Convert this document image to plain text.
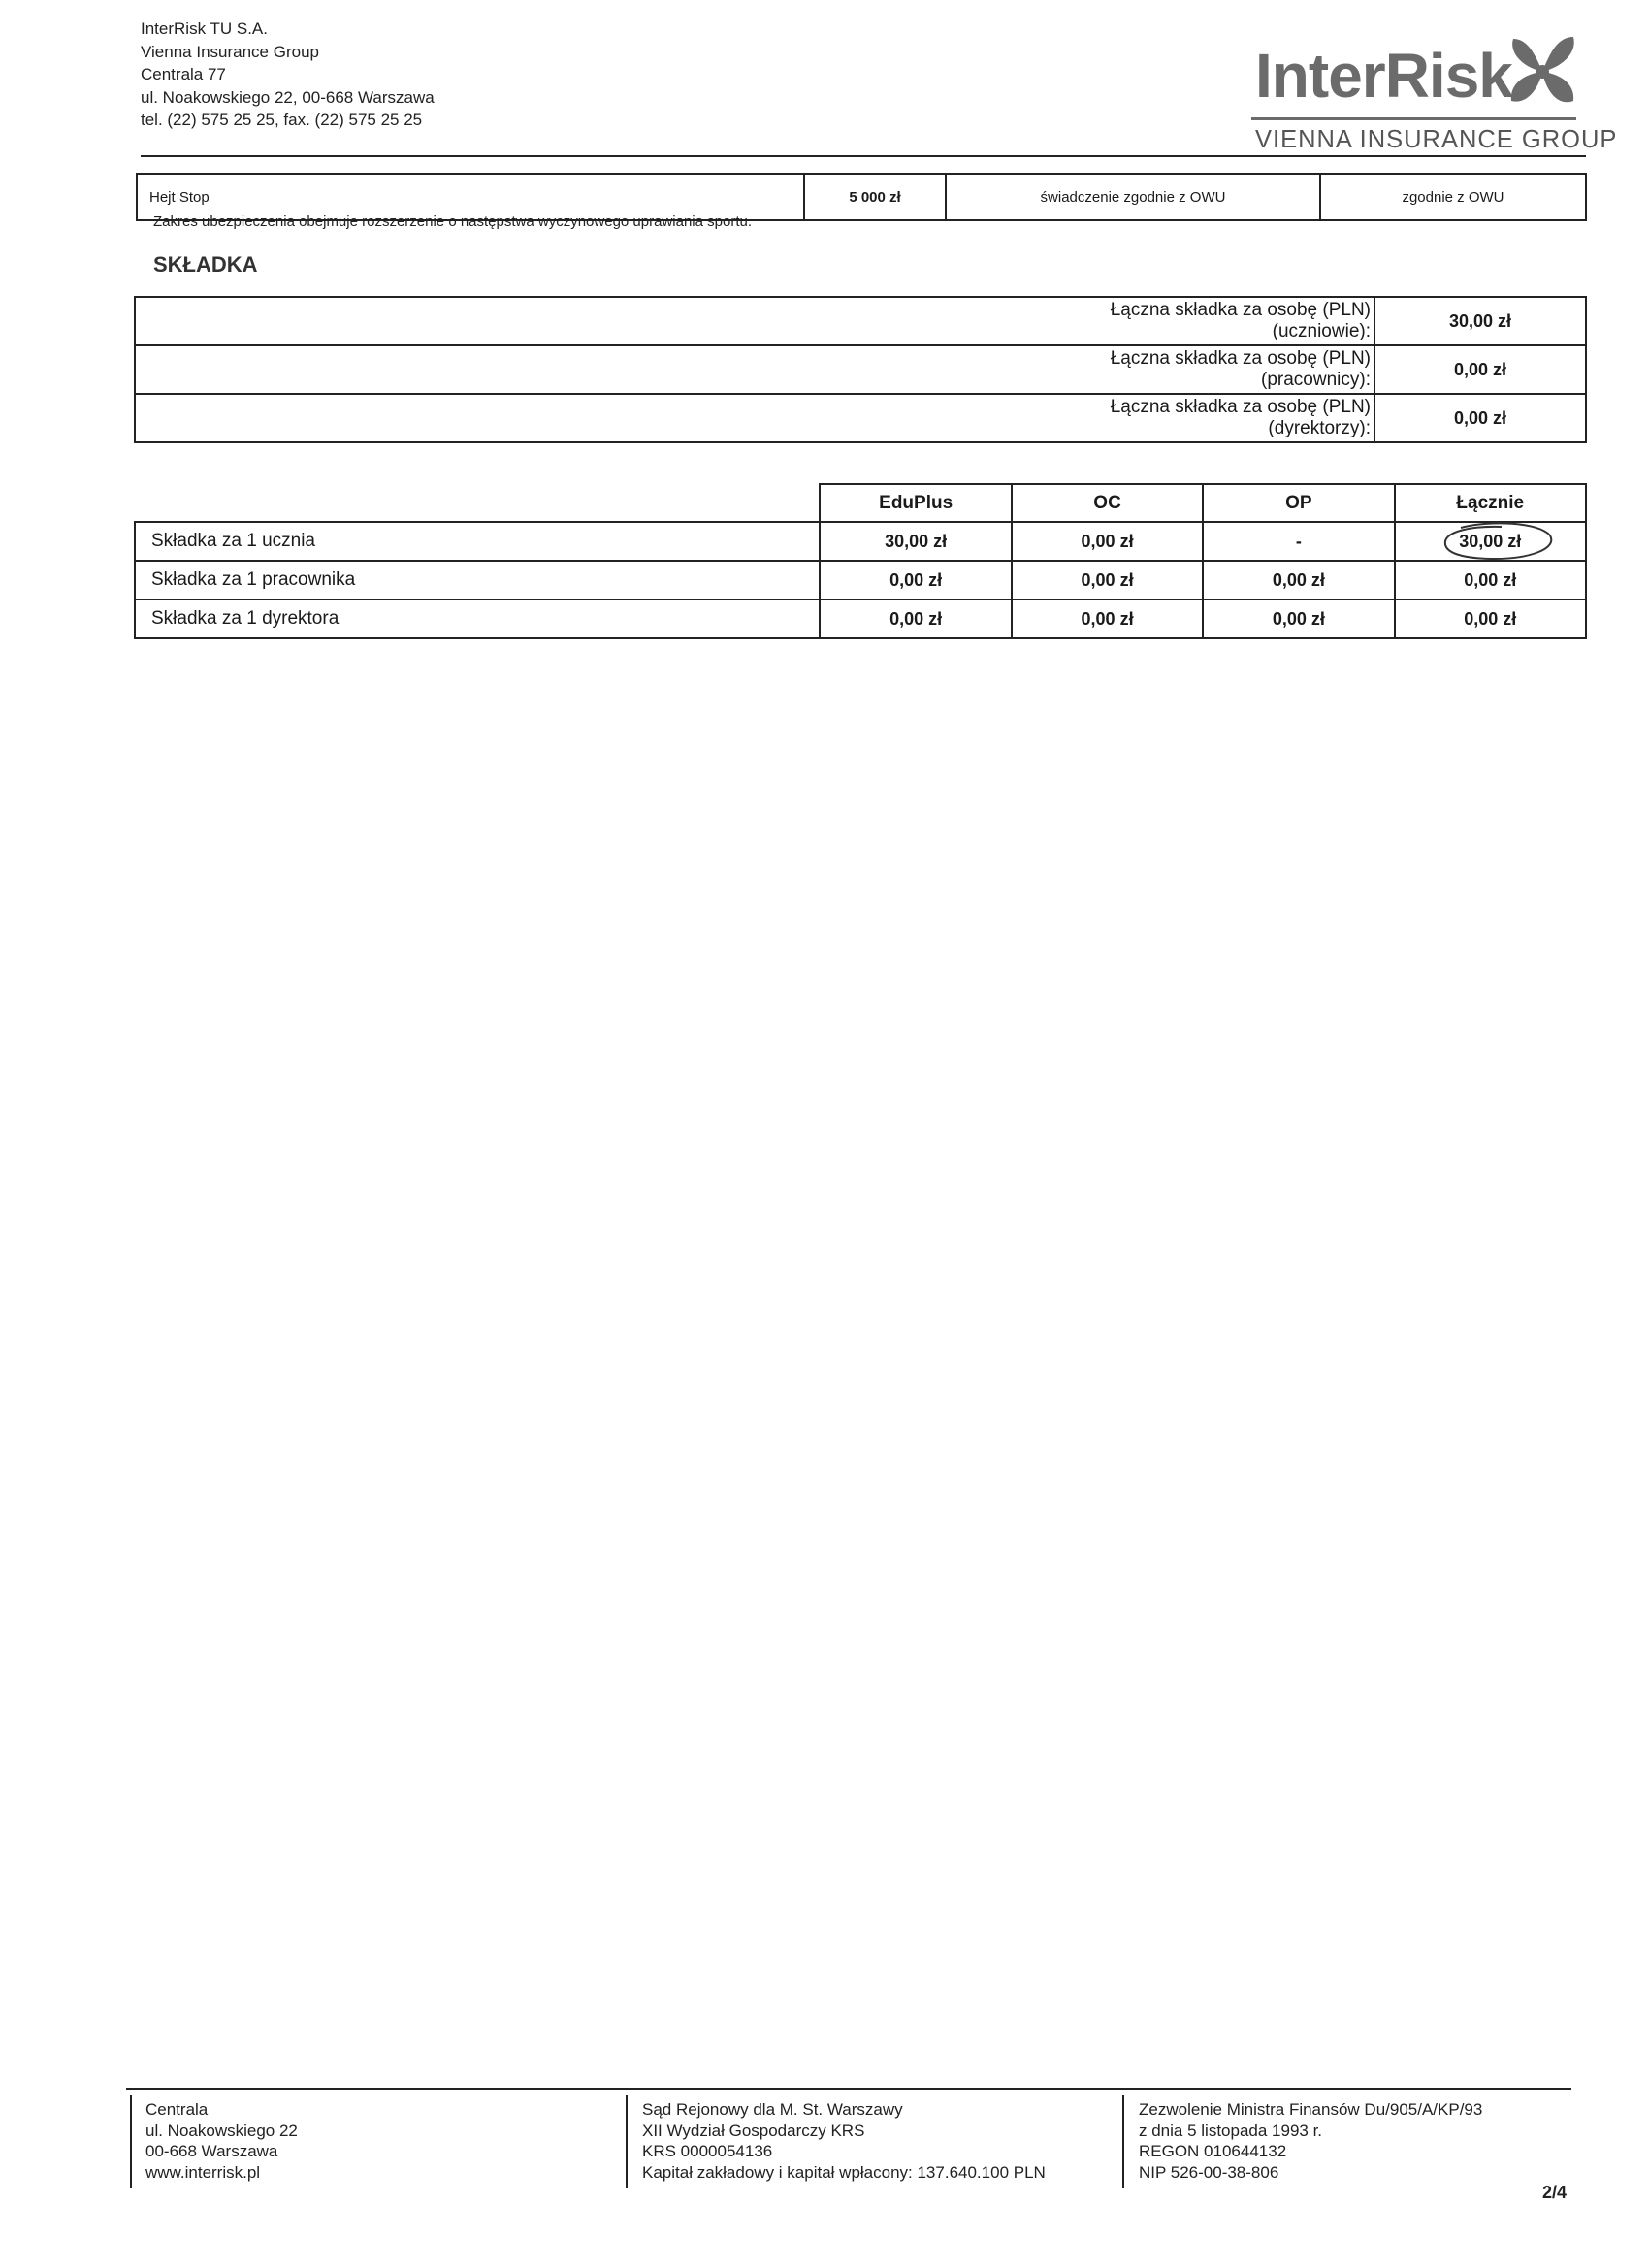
InterRisk TU S.A.
Vienna Insurance Group
Centrala 77
ul. Noakowskiego 22, 00-668 Warszawa
tel. (22) 575 25 25, fax. (22) 575 25 25
InterRisk
VIENNA INSURANCE GROUP
Hejt Stop	5 000 zł	świadczenie zgodnie z OWU	zgodnie z OWU
Zakres ubezpieczenia obejmuje rozszerzenie o następstwa wyczynowego uprawiania sportu.
SKŁADKA
Łączna składka za osobę (PLN)
(uczniowie):	30,00 zł

Łączna składka za osobę (PLN)
(pracownicy):	0,00 zł

Łączna składka za osobę (PLN)
(dyrektorzy):	0,00 zł
	EduPlus	OC	OP	Łącznie
Składka za 1 ucznia	30,00 zł	0,00 zł	-	30,00 zł
Składka za 1 pracownika	0,00 zł	0,00 zł	0,00 zł	0,00 zł
Składka za 1 dyrektora	0,00 zł	0,00 zł	0,00 zł	0,00 zł
Centrala
ul. Noakowskiego 22
00-668 Warszawa
www.interrisk.pl
Sąd Rejonowy dla M. St. Warszawy
XII Wydział Gospodarczy KRS
KRS 0000054136
Kapitał zakładowy i kapitał wpłacony: 137.640.100 PLN
Zezwolenie Ministra Finansów Du/905/A/KP/93
z dnia 5 listopada 1993 r.
REGON 010644132
NIP 526-00-38-806
2/4
